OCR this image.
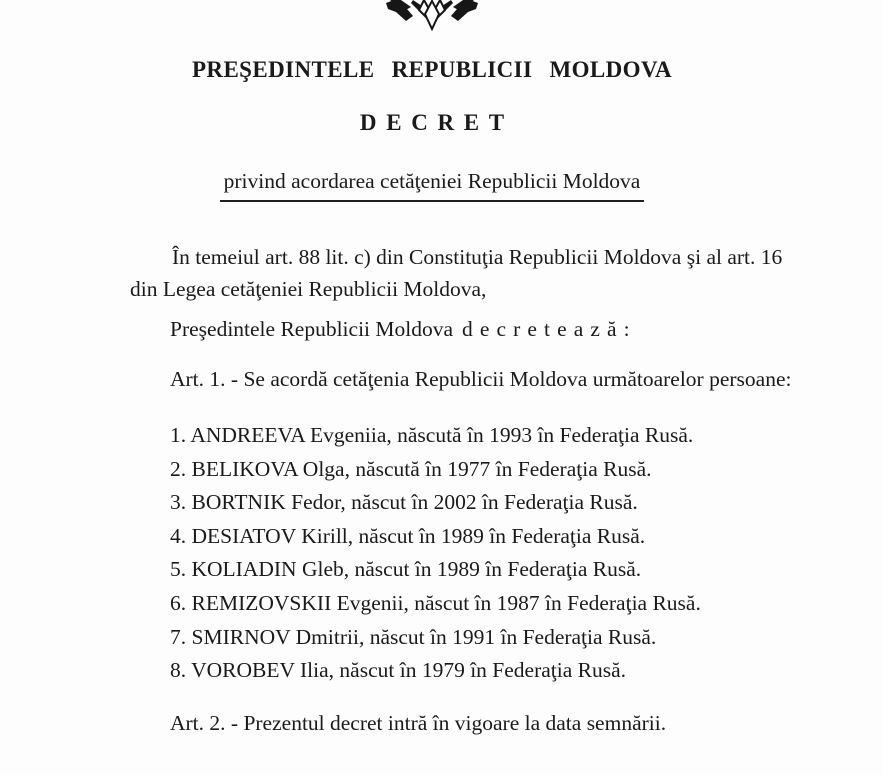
PREŞEDINTELE REPUBLICII MOLDOVA
DECRET
privind acordarea cetăţeniei Republicii Moldova
În temeiul art. 88 lit. c) din Constituţia Republicii Moldova şi al art. 16
din Legea cetăţeniei Republicii Moldova,
Preşedintele Republicii Moldova decretează:
Art. 1. - Se acordă cetăţenia Republicii Moldova următoarelor persoane:
1. ANDREEVA Evgeniia, născută în 1993 în Federaţia Rusă.
2. BELIKOVA Olga, născută în 1977 în Federaţia Rusă.
3. BORTNIK Fedor, născut în 2002 în Federaţia Rusă.
4. DESIATOV Kirill, născut în 1989 în Federaţia Rusă.
5. KOLIADIN Gleb, născut în 1989 în Federaţia Rusă.
6. REMIZOVSKII Evgenii, născut în 1987 în Federaţia Rusă.
7. SMIRNOV Dmitrii, născut în 1991 în Federaţia Rusă.
8. VOROBEV Ilia, născut în 1979 în Federaţia Rusă.
Art. 2. - Prezentul decret intră în vigoare la data semnării.
